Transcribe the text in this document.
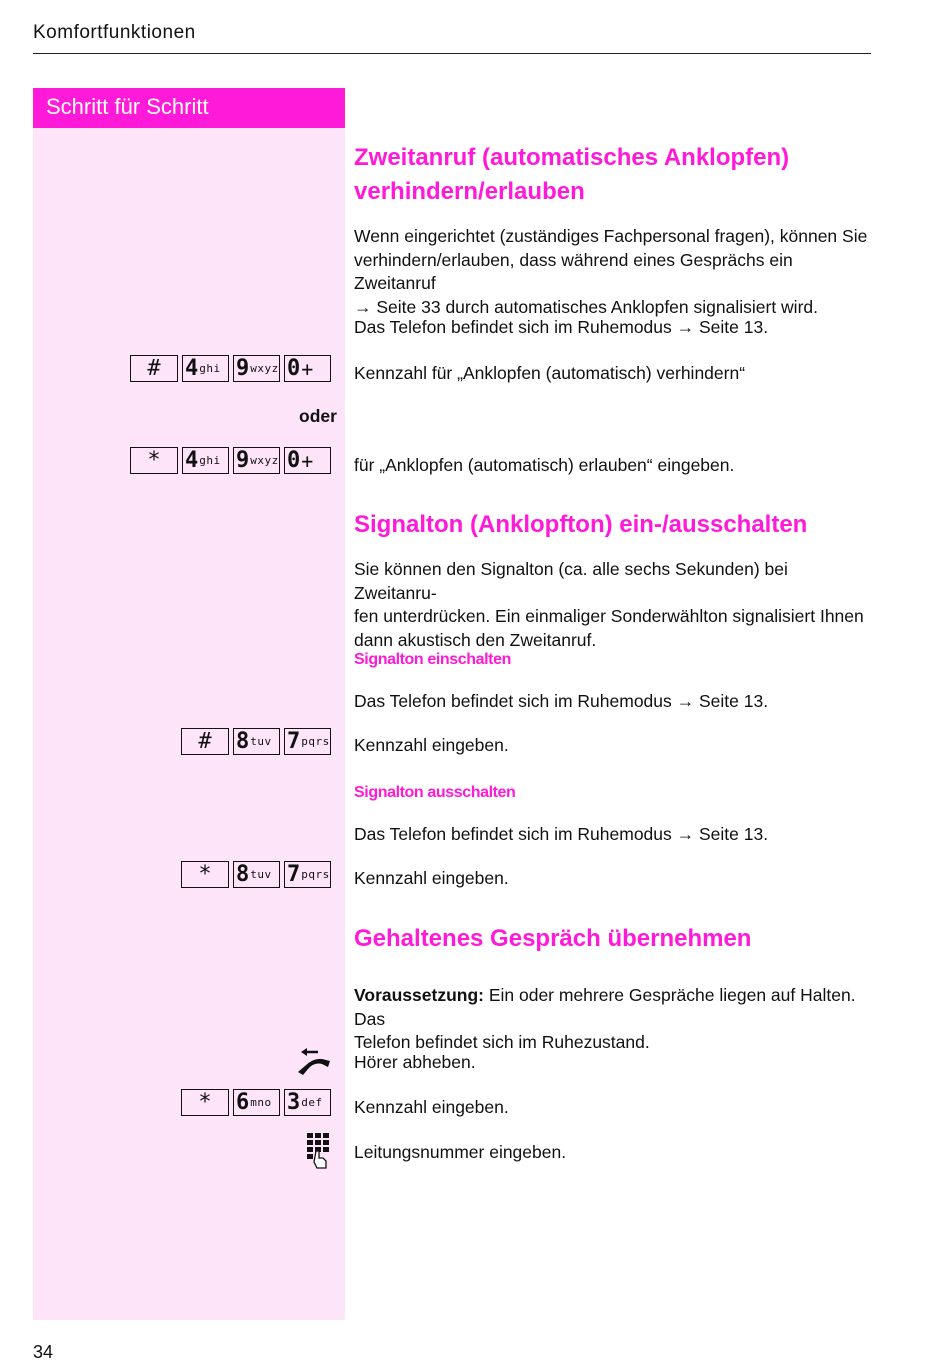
Komfortfunktionen
Schritt für Schritt
Zweitanruf (automatisches Anklopfen)
verhindern/erlauben
Wenn eingerichtet (zuständiges Fachpersonal fragen), können Sie
verhindern/erlauben, dass während eines Gesprächs ein Zweitanruf
→ Seite 33 durch automatisches Anklopfen signalisiert wird.
Das Telefon befindet sich im Ruhemodus → Seite 13.
#	4 ghi 9 wxyz 0 + Kennzahl für „Anklopfen (automatisch) verhindern“
oder
*	4 ghi 9 wxyz 0 + für „Anklopfen (automatisch) erlauben“ eingeben.
Signalton (Anklopfton) ein-/ausschalten
Sie können den Signalton (ca. alle sechs Sekunden) bei Zweitanru-
fen unterdrücken. Ein einmaliger Sonderwählton signalisiert Ihnen
dann akustisch den Zweitanruf.
Signalton einschalten
Das Telefon befindet sich im Ruhemodus → Seite 13.
#	8 tuv 7 pqrs Kennzahl eingeben.
Signalton ausschalten
Das Telefon befindet sich im Ruhemodus → Seite 13.
*	8 tuv 7 pqrs Kennzahl eingeben.
Gehaltenes Gespräch übernehmen
Voraussetzung: Ein oder mehrere Gespräche liegen auf Halten. Das
Telefon befindet sich im Ruhezustand.
Hörer abheben.
*	6 mno 3 def Kennzahl eingeben.
Leitungsnummer eingeben.
34
